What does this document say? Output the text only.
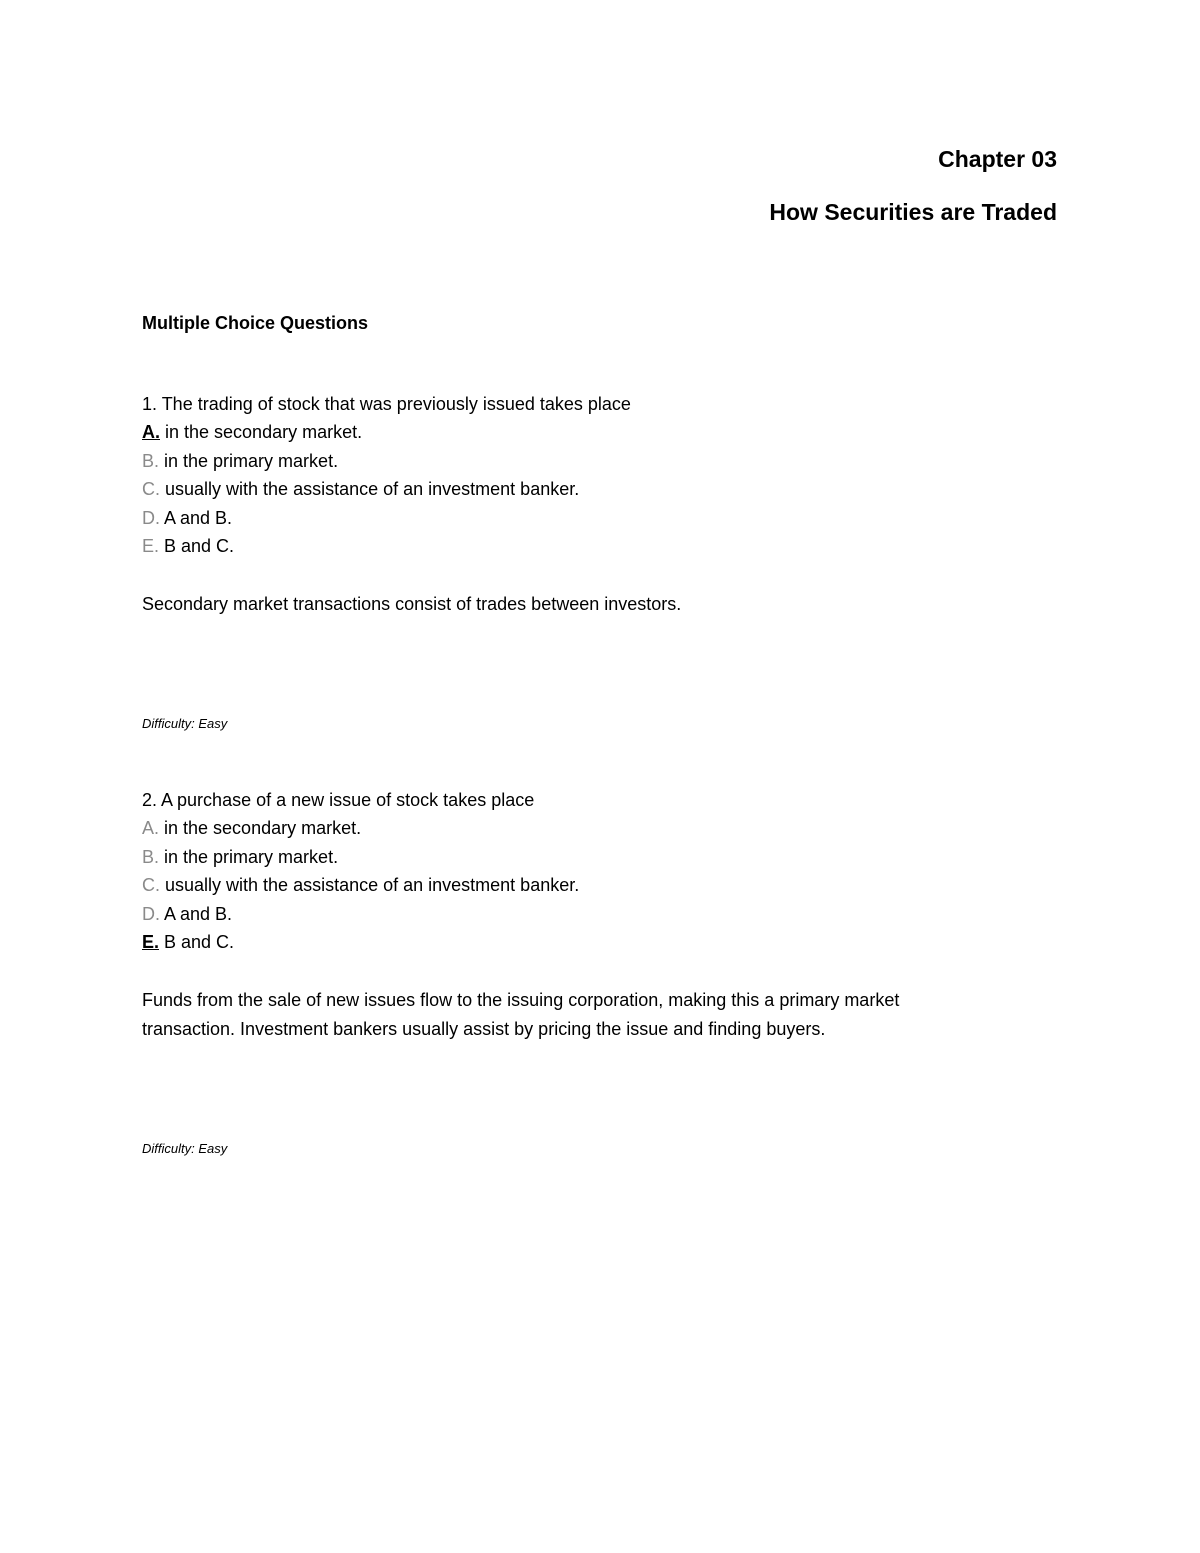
Chapter 03
How Securities are Traded
Multiple Choice Questions
1. The trading of stock that was previously issued takes place
A. in the secondary market.
B. in the primary market.
C. usually with the assistance of an investment banker.
D. A and B.
E. B and C.
Secondary market transactions consist of trades between investors.
Difficulty: Easy
2. A purchase of a new issue of stock takes place
A. in the secondary market.
B. in the primary market.
C. usually with the assistance of an investment banker.
D. A and B.
E. B and C.
Funds from the sale of new issues flow to the issuing corporation, making this a primary market
transaction. Investment bankers usually assist by pricing the issue and finding buyers.
Difficulty: Easy
